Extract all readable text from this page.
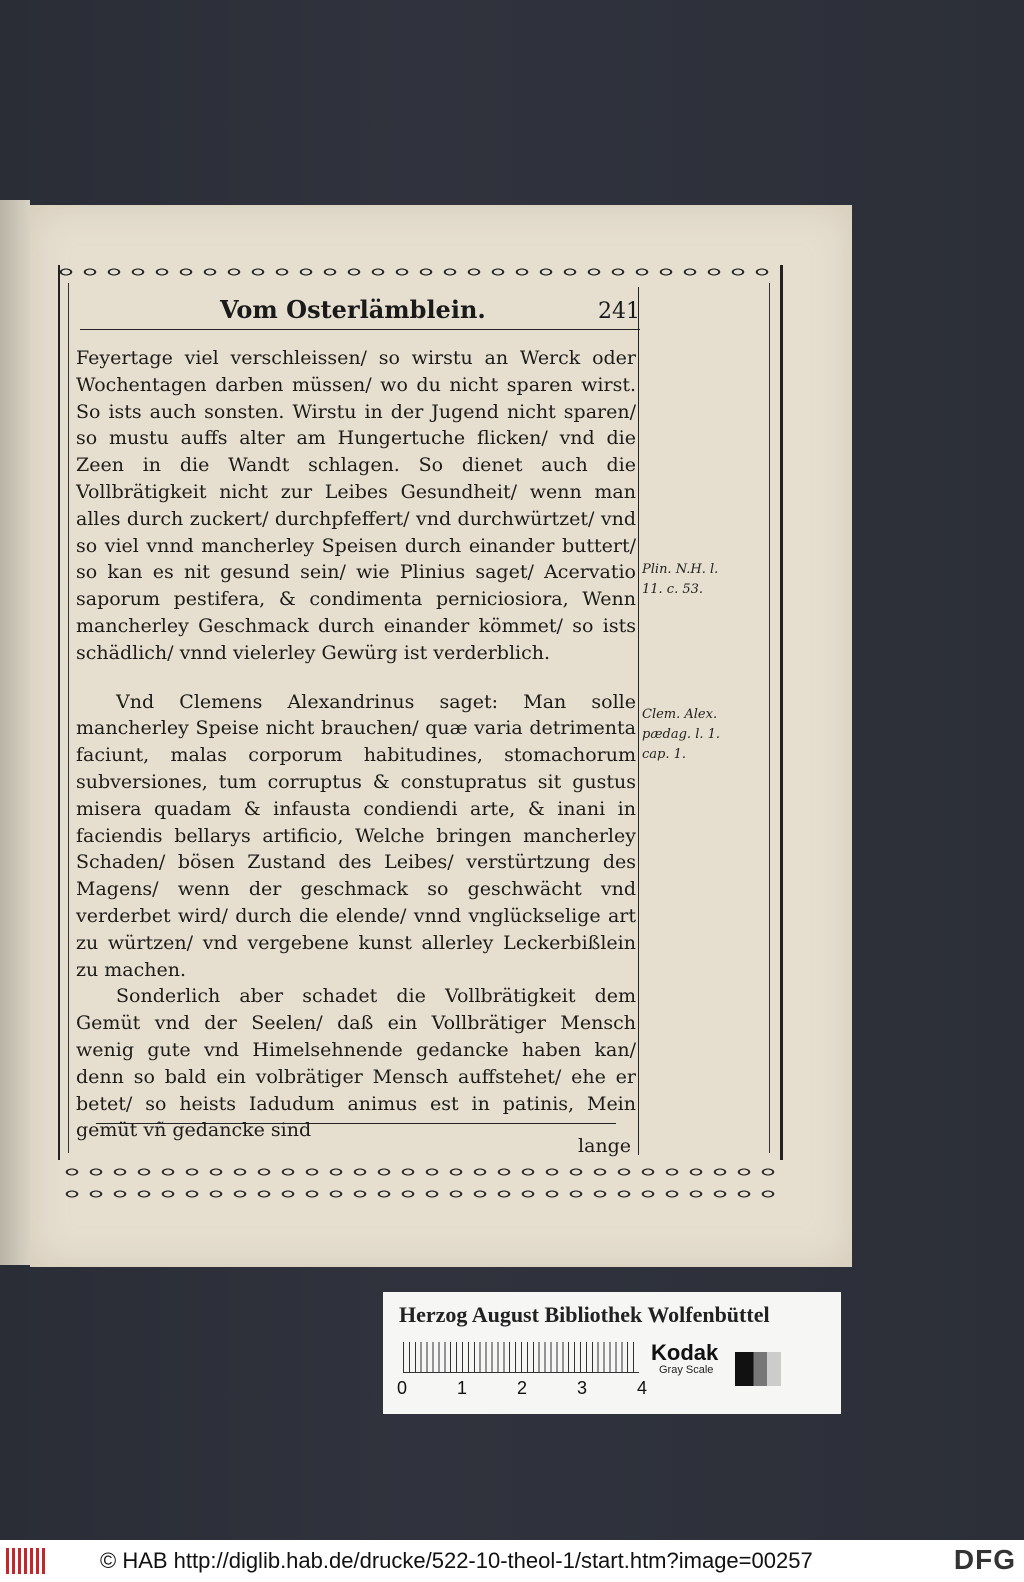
Vom Osterlämblein.	241

Feyertage viel verschleissen/ so wirstu an Werck oder Wochentagen darben müssen/ wo du nicht sparen wirst. So ists auch sonsten. Wirstu in der Jugend nicht sparen/ so mustu auffs alter am Hungertuche flicken/ vnd die Zeen in die Wandt schlagen. So dienet auch die Vollbrätigkeit nicht zur Leibes Gesundheit/ wenn man alles durch zuckert/ durchpfeffert/ vnd durchwürtzet/ vnd so viel vnnd mancherley Speisen durch einander buttert/ so kan es nit gesund sein/ wie Plinius saget/ Acervatio saporum pestifera, & condimenta perniciosiora, Wenn mancherley Geschmack durch einander kömmet/ so ists schädlich/ vnnd vielerley Gewürg ist verderblich.

Vnd Clemens Alexandrinus saget: Man solle mancherley Speise nicht brauchen/ quæ varia detrimenta faciunt, malas corporum habitudines, stomachorum subversiones, tum corruptus & constupratus sit gustus misera quadam & infausta condiendi arte, & inani in faciendis bellarys artificio, Welche bringen mancherley Schaden/ bösen Zustand des Leibes/ verstürtzung des Magens/ wenn der geschmack so geschwächt vnd verderbet wird/ durch die elende/ vnnd vnglückselige art zu würtzen/ vnd vergebene kunst allerley Leckerbißlein zu machen.

Sonderlich aber schadet die Vollbrätigkeit dem Gemüt vnd der Seelen/ daß ein Vollbrätiger Mensch wenig gute vnd Himelsehnende gedancke haben kan/ denn so bald ein volbrätiger Mensch auffstehet/ ehe er betet/ so heists Iadudum animus est in patinis, Mein gemüt vñ gedancke sind

Plin. N.H. l. 11. c. 53.
Clem. Alex. pædag. l. 1. cap. 1.
lange
Herzog August Bibliothek Wolfenbüttel
0	1	2	3	4
Kodak
Gray Scale
© HAB http://diglib.hab.de/drucke/522-10-theol-1/start.htm?image=00257	DFG
